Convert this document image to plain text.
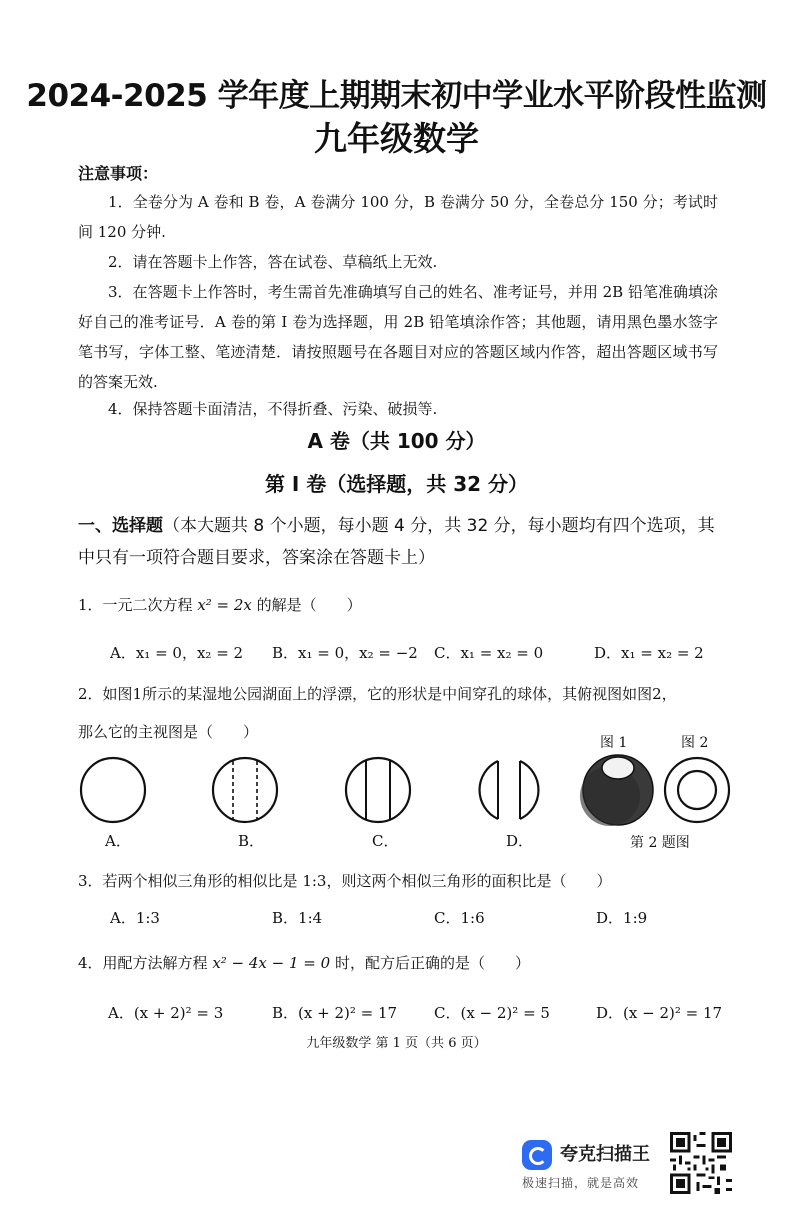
2024-2025 学年度上期期末初中学业水平阶段性监测
九年级数学
注意事项：
1．全卷分为 A 卷和 B 卷，A 卷满分 100 分，B 卷满分 50 分，全卷总分 150 分；考试时间 120 分钟.
2．请在答题卡上作答，答在试卷、草稿纸上无效.
3．在答题卡上作答时，考生需首先准确填写自己的姓名、准考证号，并用 2B 铅笔准确填涂好自己的准考证号．A 卷的第 I 卷为选择题，用 2B 铅笔填涂作答；其他题，请用黑色墨水签字笔书写，字体工整、笔迹清楚．请按照题号在各题目对应的答题区域内作答，超出答题区域书写的答案无效.
4．保持答题卡面清洁，不得折叠、污染、破损等.
A 卷（共 100 分）
第 I 卷（选择题，共 32 分）
一、选择题（本大题共 8 个小题，每小题 4 分，共 32 分，每小题均有四个选项，其中只有一项符合题目要求，答案涂在答题卡上）
1．一元二次方程 x² = 2x 的解是（　　）
A．x₁ = 0，x₂ = 2 B．x₁ = 0，x₂ = −2 C．x₁ = x₂ = 0	D．x₁ = x₂ = 2
2．如图1所示的某湿地公园湖面上的浮漂，它的形状是中间穿孔的球体，其俯视图如图2，
那么它的主视图是（　　）
图 1	图 2
A．	B．	C．	D．	第 2 题图
3．若两个相似三角形的相似比是 1:3，则这两个相似三角形的面积比是（　　）
A．1:3	B．1:4	C．1:6	D．1:9
4．用配方法解方程 x² − 4x − 1 = 0 时，配方后正确的是（　　）
A．(x + 2)² = 3	B．(x + 2)² = 17 C．(x − 2)² = 5	D．(x − 2)² = 17
九年级数学 第 1 页（共 6 页）
夸克扫描王
极速扫描，就是高效
